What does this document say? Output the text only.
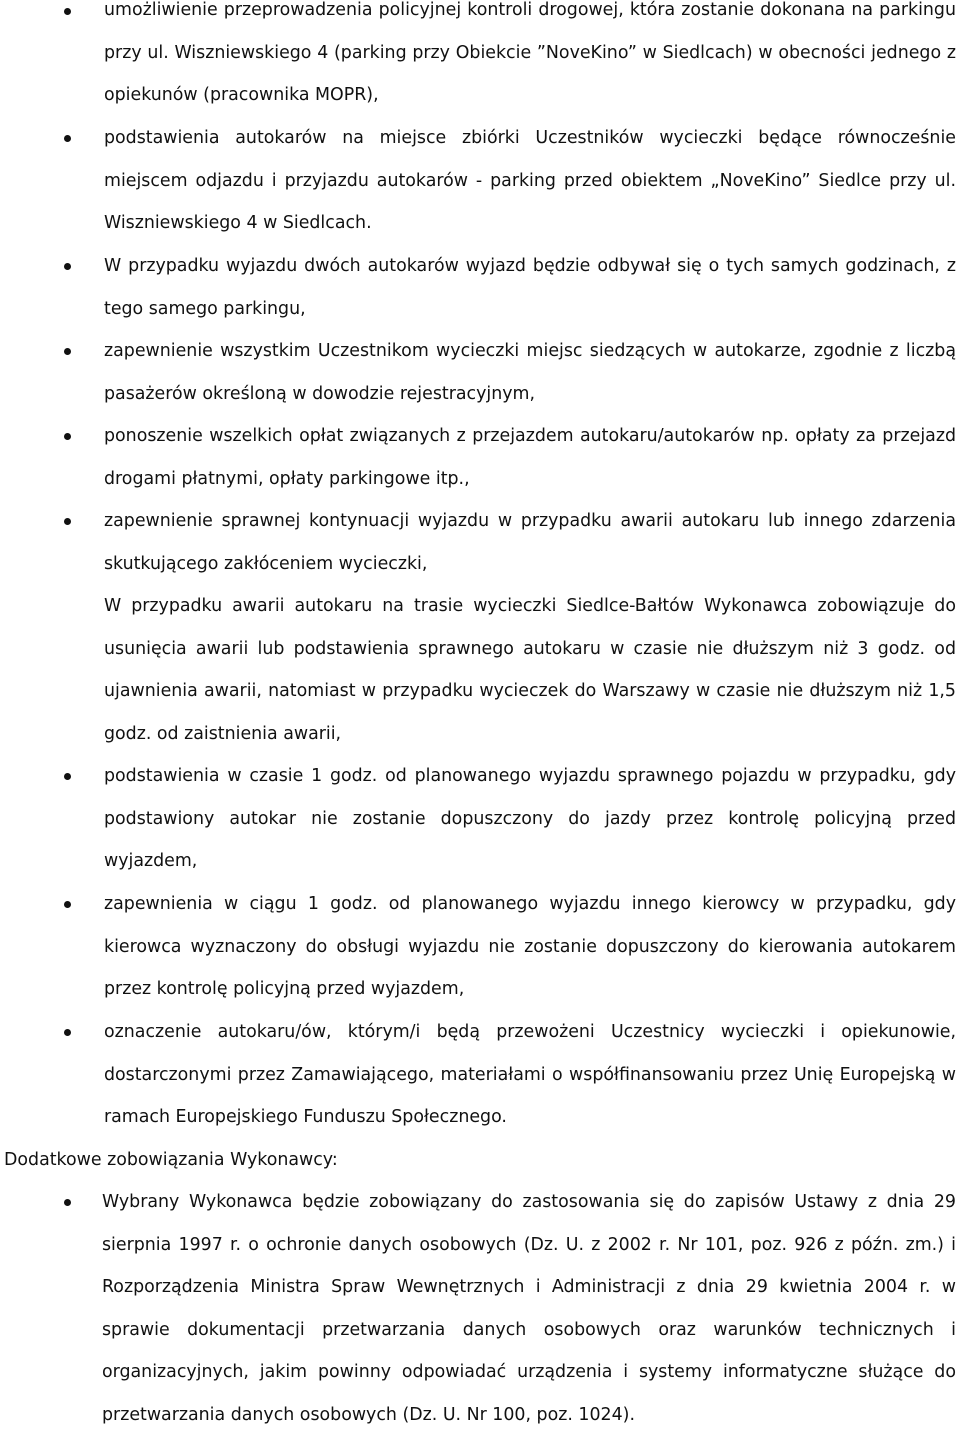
umożliwienie przeprowadzenia policyjnej kontroli drogowej, która zostanie dokonana na parkingu przy ul. Wiszniewskiego 4 (parking przy Obiekcie ”NoveKino” w Siedlcach) w obecności jednego z opiekunów (pracownika MOPR),

podstawienia autokarów na miejsce zbiórki Uczestników wycieczki będące równocześnie miejscem odjazdu i przyjazdu autokarów - parking przed obiektem „NoveKino” Siedlce przy ul. Wiszniewskiego 4 w Siedlcach.

W przypadku wyjazdu dwóch autokarów wyjazd będzie odbywał się o tych samych godzinach, z tego samego parkingu,

zapewnienie wszystkim Uczestnikom wycieczki miejsc siedzących w autokarze, zgodnie z liczbą pasażerów określoną w dowodzie rejestracyjnym,

ponoszenie wszelkich opłat związanych z przejazdem autokaru/autokarów np. opłaty za przejazd drogami płatnymi, opłaty parkingowe itp.,

zapewnienie sprawnej kontynuacji wyjazdu w przypadku awarii autokaru lub innego zdarzenia skutkującego zakłóceniem wycieczki,

W przypadku awarii autokaru na trasie wycieczki Siedlce-Bałtów Wykonawca zobowiązuje do usunięcia awarii lub podstawienia sprawnego autokaru w czasie nie dłuższym niż 3 godz. od ujawnienia awarii, natomiast w przypadku wycieczek do Warszawy w czasie nie dłuższym niż 1,5 godz. od zaistnienia awarii,

podstawienia w czasie 1 godz. od planowanego wyjazdu sprawnego pojazdu w przypadku, gdy podstawiony autokar nie zostanie dopuszczony do jazdy przez kontrolę policyjną przed wyjazdem,

zapewnienia w ciągu 1 godz. od planowanego wyjazdu innego kierowcy w przypadku, gdy kierowca wyznaczony do obsługi wyjazdu nie zostanie dopuszczony do kierowania autokarem przez kontrolę policyjną przed wyjazdem,

oznaczenie autokaru/ów, którym/i będą przewożeni Uczestnicy wycieczki i opiekunowie, dostarczonymi przez Zamawiającego, materiałami o współfinansowaniu przez Unię Europejską w ramach Europejskiego Funduszu Społecznego.

Dodatkowe zobowiązania Wykonawcy:

Wybrany Wykonawca będzie zobowiązany do zastosowania się do zapisów Ustawy z dnia 29 sierpnia 1997 r. o ochronie danych osobowych (Dz. U. z 2002 r. Nr 101, poz. 926 z późn. zm.) i Rozporządzenia Ministra Spraw Wewnętrznych i Administracji z dnia 29 kwietnia 2004 r. w sprawie dokumentacji przetwarzania danych osobowych oraz warunków technicznych i organizacyjnych, jakim powinny odpowiadać urządzenia i systemy informatyczne służące do przetwarzania danych osobowych (Dz. U. Nr 100, poz. 1024).
